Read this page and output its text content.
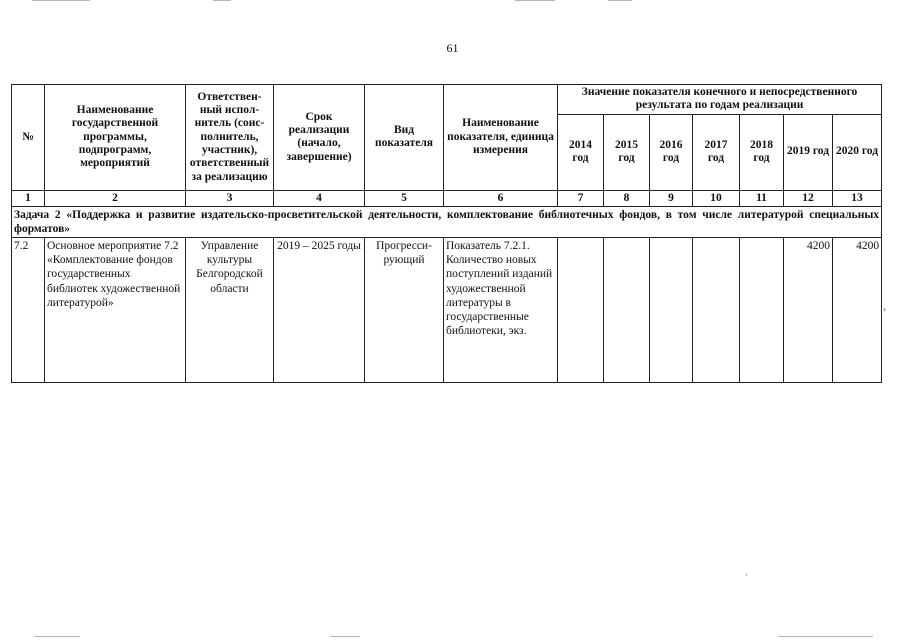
61
№	Наименование государственной программы, подпрограмм, мероприятий	Ответствен-ный испол-нитель (соис-полнитель, участник), ответственный за реализацию	Срок реализации (начало, завершение)	Вид показателя	Наименование показателя, единица измерения	Значение показателя конечного и непосредственного результата по годам реализации						
						2014 год	2015 год	2016 год	2017 год	2018 год	2019 год	2020 год
1	2	3	4	5	6	7	8	9	10	11	12	13
Задача 2 «Поддержка и развитие издательско-просветительской деятельности, комплектование библиотечных фондов, в том числе литературой специальных форматов»												
7.2	Основное мероприятие 7.2 «Комплектование фондов государственных библиотек художественной литературой»	Управление культуры Белгородской области	2019 – 2025 годы	Прогресси-рующий	Показатель 7.2.1. Количество новых поступлений изданий художественной литературы в государственные библиотеки, экз.						4200	4200
›
·
